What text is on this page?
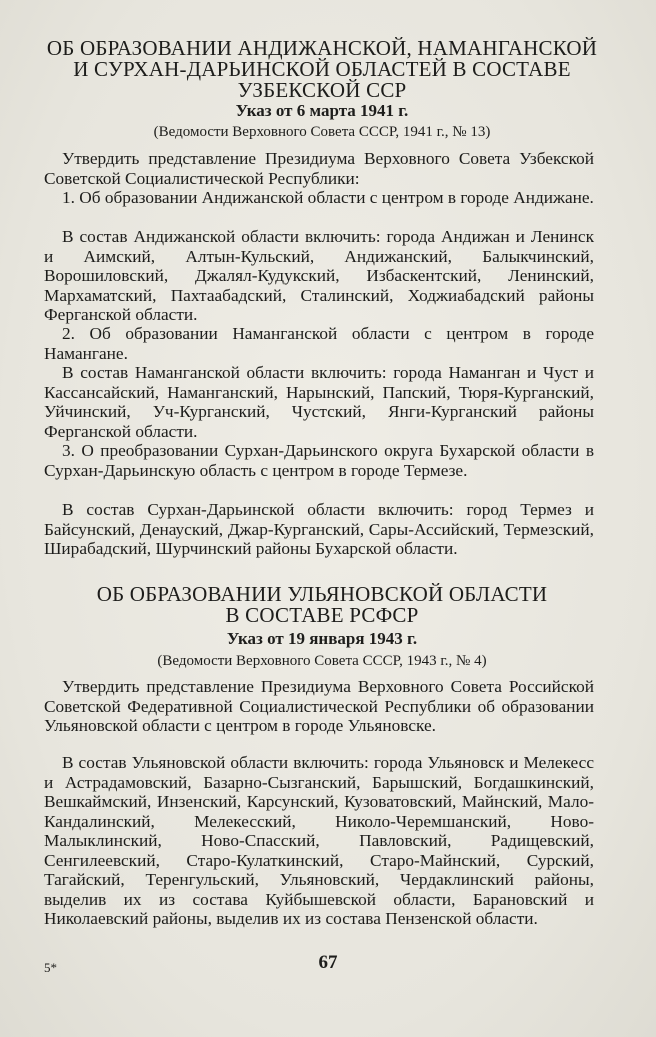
ОБ ОБРАЗОВАНИИ АНДИЖАНСКОЙ, НАМАНГАНСКОЙ
И СУРХАН-ДАРЬИНСКОЙ ОБЛАСТЕЙ В СОСТАВЕ
УЗБЕКСКОЙ ССР

Указ от 6 марта 1941 г.

(Ведомости Верховного Совета СССР, 1941 г., № 13)

Утвердить представление Президиума Верховного Совета Узбекской Советской Социалистической Республики:

1. Об образовании Андижанской области с центром в городе Андижане.

В состав Андижанской области включить: города Андижан и Ленинск и Аимский, Алтын-Кульский, Андижанский, Балыкчинский, Ворошиловский, Джалял-Кудукский, Избаскентский, Ленинский, Мархаматский, Пахтаабадский, Сталинский, Ходжиабадский районы Ферганской области.

2. Об образовании Наманганской области с центром в городе Намангане.

В состав Наманганской области включить: города Наманган и Чуст и Кассансайский, Наманганский, Нарынский, Папский, Тюря-Курганский, Уйчинский, Уч-Курганский, Чустский, Янги-Курганский районы Ферганской области.

3. О преобразовании Сурхан-Дарьинского округа Бухарской области в Сурхан-Дарьинскую область с центром в городе Термезе.

В состав Сурхан-Дарьинской области включить: город Термез и Байсунский, Денауский, Джар-Курганский, Сары-Ассийский, Термезский, Ширабадский, Шурчинский районы Бухарской области.

ОБ ОБРАЗОВАНИИ УЛЬЯНОВСКОЙ ОБЛАСТИ
В СОСТАВЕ РСФСР

Указ от 19 января 1943 г.

(Ведомости Верховного Совета СССР, 1943 г., № 4)

Утвердить представление Президиума Верховного Совета Российской Советской Федеративной Социалистической Республики об образовании Ульяновской области с центром в городе Ульяновске.

В состав Ульяновской области включить: города Ульяновск и Мелекесс и Астрадамовский, Базарно-Сызганский, Барышский, Богдашкинский, Вешкаймский, Инзенский, Карсунский, Кузоватовский, Майнский, Мало-Кандалинский, Мелекесский, Николо-Черемшанский, Ново-Малыклинский, Ново-Спасский, Павловский, Радищевский, Сенгилеевский, Старо-Кулаткинский, Старо-Майнский, Сурский, Тагайский, Теренгульский, Ульяновский, Чердаклинский районы, выделив их из состава Куйбышевской области, Барановский и Николаевский районы, выделив их из состава Пензенской области.

5*	67
